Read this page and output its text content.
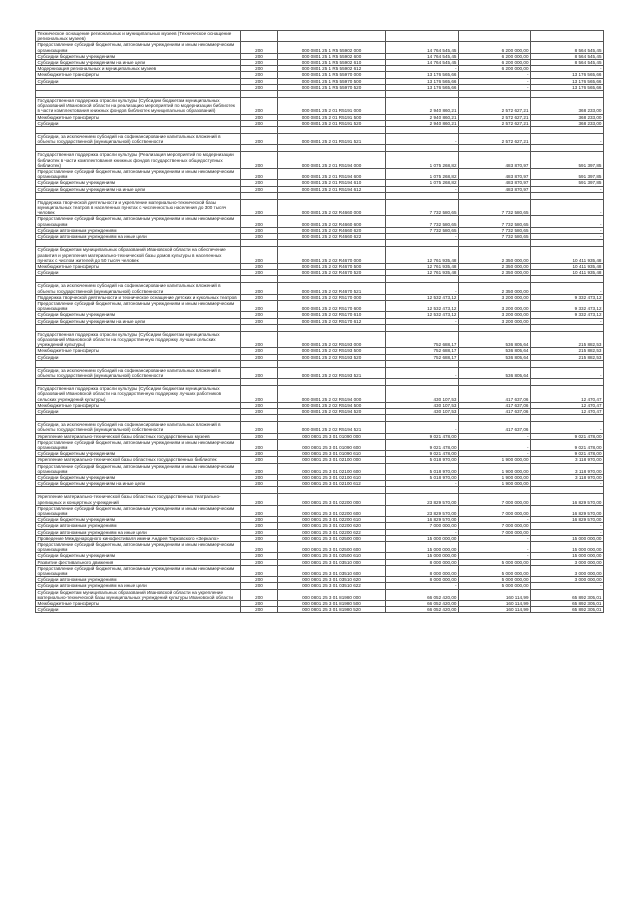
Техническое оснащение региональных и муниципальных музеев (Техническое оснащение региональных музеев)					
Предоставление субсидий бюджетным, автономным учреждениям и иным некоммерческим организациям	200	000 0801 25 1 R5 55902 000	14 764 545,45	6 200 000,00	8 564 545,45
Субсидии бюджетным учреждениям	200	000 0801 25 1 R5 55902 600	14 764 545,45	6 200 000,00	8 564 545,45
Субсидии бюджетным учреждениям на иные цели	200	000 0801 25 1 R5 55902 610	14 764 545,45	6 200 000,00	8 564 545,45
Модернизация региональных и муниципальных музеев	200	000 0801 25 1 R5 55902 612	-	6 200 000,00	-
Межбюджетные трансферты	200	000 0801 25 1 R5 55970 000	13 176 565,66	-	13 176 565,66
Субсидии	200	000 0801 25 1 R5 55970 500	13 176 565,66	-	13 176 565,66
	200	000 0801 25 1 R5 55970 520	13 176 565,66	-	13 176 565,66

Государственная поддержка отрасли культуры (Субсидии бюджетам муниципальных образований Ивановской области на реализацию мероприятий по модернизации библиотек в части комплектования книжных фондов библиотек муниципальных образований)	200	000 0801 25 2 01 R5191 000	2 940 860,21	2 572 627,21	368 233,00
Межбюджетные трансферты	200	000 0801 25 2 01 R5191 500	2 940 860,21	2 572 627,21	368 233,00
Субсидии	200	000 0801 25 2 01 R5191 520	2 940 860,21	2 572 627,21	368 233,00

Субсидии, за исключением субсидий на софинансирование капитальных вложений в объекты государственной (муниципальной) собственности	200	000 0801 25 2 01 R5191 521	-	2 572 627,21	-

Государственная поддержка отрасли культуры (Реализация мероприятий по модернизации библиотек в части комплектования книжных фондов государственных общедоступных библиотек)	200	000 0801 25 2 01 R5194 000	1 075 268,82	483 870,97	591 397,85
Предоставление субсидий бюджетным, автономным учреждениям и иным некоммерческим организациям	200	000 0801 25 2 01 R5194 600	1 075 268,82	483 870,97	591 397,85
Субсидии бюджетным учреждениям	200	000 0801 25 2 01 R5194 610	1 075 268,82	483 870,97	591 397,85
Субсидии бюджетным учреждениям на иные цели	200	000 0801 25 2 01 R5194 612	-	483 870,97	-

Поддержка творческой деятельности и укрепление материально-технической базы муниципальных театров в населенных пунктах с численностью населения до 300 тысяч человек	200	000 0801 25 2 02 R4660 000	7 732 580,65	7 732 580,65	-
Предоставление субсидий бюджетным, автономным учреждениям и иным некоммерческим организациям	200	000 0801 25 2 02 R4660 600	7 732 580,65	7 732 580,65	-
Субсидии автономным учреждениям	200	000 0801 25 2 02 R4660 620	7 732 580,65	7 732 580,65	-
Субсидии автономным учреждениям на иные цели	200	000 0801 25 2 02 R4660 622	-	7 732 580,65	-

Субсидии бюджетам муниципальных образований Ивановской области на обеспечение развития и укрепления материально-технической базы домов культуры в населенных пунктах с числом жителей до 50 тысяч человек	200	000 0801 25 2 02 R4670 000	12 761 935,48	2 350 000,00	10 411 935,48
Межбюджетные трансферты	200	000 0801 25 2 02 R4670 500	12 761 935,48	2 350 000,00	10 411 935,48
Субсидии	200	000 0801 25 2 02 R4670 520	12 761 935,48	2 350 000,00	10 411 935,48

Субсидии, за исключением субсидий на софинансирование капитальных вложений в объекты государственной (муниципальной) собственности	200	000 0801 25 2 02 R4670 521	-	2 350 000,00	-
Поддержка творческой деятельности и техническое оснащение детских и кукольных театров	200	000 0801 25 2 02 R5170 000	12 532 473,12	3 200 000,00	9 332 473,12
Предоставление субсидий бюджетным, автономным учреждениям и иным некоммерческим организациям	200	000 0801 25 2 02 R5170 600	12 532 473,12	3 200 000,00	9 332 473,12
Субсидии бюджетным учреждениям	200	000 0801 25 2 02 R5170 610	12 532 473,12	3 200 000,00	9 332 473,12
Субсидии бюджетным учреждениям на иные цели	200	000 0801 25 2 02 R5170 612	-	3 200 000,00	-

Государственная поддержка отрасли культуры (Субсидии бюджетам муниципальных образований Ивановской области на государственную поддержку лучших сельских учреждений культуры)	200	000 0801 25 2 02 R5193 000	752 688,17	536 805,64	215 882,53
Межбюджетные трансферты	200	000 0801 25 2 02 R5193 500	752 688,17	536 805,64	215 882,53
Субсидии	200	000 0801 25 2 02 R5193 520	752 688,17	536 805,64	215 882,53

Субсидии, за исключением субсидий на софинансирование капитальных вложений в объекты государственной (муниципальной) собственности	200	000 0801 25 2 02 R5193 521	-	536 805,64	-

Государственная поддержка отрасли культуры (Субсидии бюджетам муниципальных образований Ивановской области на государственную поддержку лучших работников сельских учреждений культуры)	200	000 0801 25 2 02 R5194 000	430 107,53	417 637,06	12 470,47
Межбюджетные трансферты	200	000 0801 25 2 02 R5194 500	430 107,53	417 637,06	12 470,47
Субсидии	200	000 0801 25 2 02 R5194 520	430 107,53	417 637,06	12 470,47

Субсидии, за исключением субсидий на софинансирование капитальных вложений в объекты государственной (муниципальной) собственности	200	000 0801 25 2 02 R5194 521	-	417 637,06	-
Укрепление материально-технической базы областных государственных музеев	200	000 0801 25 3 01 01090 000	9 021 478,00	-	9 021 478,00
Предоставление субсидий бюджетным, автономным учреждениям и иным некоммерческим организациям	200	000 0801 25 3 01 01090 600	9 021 478,00	-	9 021 478,00
Субсидии бюджетным учреждениям	200	000 0801 25 3 01 01090 610	9 021 478,00	-	9 021 478,00
Укрепление материально-технической базы областных государственных библиотек	200	000 0801 25 3 01 02100 000	5 018 970,00	1 900 000,00	3 118 970,00
Предоставление субсидий бюджетным, автономным учреждениям и иным некоммерческим организациям	200	000 0801 25 3 01 02100 600	5 018 970,00	1 900 000,00	3 118 970,00
Субсидии бюджетным учреждениям	200	000 0801 25 3 01 02100 610	5 018 970,00	1 900 000,00	3 118 970,00
Субсидии бюджетным учреждениям на иные цели	200	000 0801 25 3 01 02100 612	-	1 900 000,00	-

Укрепление материально-технической базы областных государственных театрально-зрелищных и концертных учреждений	200	000 0801 25 3 01 02200 000	23 829 570,00	7 000 000,00	16 829 570,00
Предоставление субсидий бюджетным, автономным учреждениям и иным некоммерческим организациям	200	000 0801 25 3 01 02200 600	23 829 570,00	7 000 000,00	16 829 570,00
Субсидии бюджетным учреждениям	200	000 0801 25 3 01 02200 610	16 829 570,00	-	16 829 570,00
Субсидии автономным учреждениям	200	000 0801 25 3 01 02200 620	7 000 000,00	7 000 000,00	-
Субсидии автономным учреждениям на иные цели	200	000 0801 25 3 01 02200 622	-	7 000 000,00	-
Проведение Международного кинофестиваля имени Андрея Тарковского «Зеркало»	200	000 0801 25 3 01 02500 000	15 000 000,00	-	15 000 000,00
Предоставление субсидий бюджетным, автономным учреждениям и иным некоммерческим организациям	200	000 0801 25 3 01 02500 600	15 000 000,00	-	15 000 000,00
Субсидии бюджетным учреждениям	200	000 0801 25 3 01 02500 610	15 000 000,00	-	15 000 000,00
Развитие фестивального движения	200	000 0801 25 3 01 03510 000	8 000 000,00	5 000 000,00	3 000 000,00
Предоставление субсидий бюджетным, автономным учреждениям и иным некоммерческим организациям	200	000 0801 25 3 01 03510 600	8 000 000,00	5 000 000,00	3 000 000,00
Субсидии автономным учреждениям	200	000 0801 25 3 01 03510 620	8 000 000,00	5 000 000,00	3 000 000,00
Субсидии автономным учреждениям на иные цели	200	000 0801 25 3 01 03510 622	-	5 000 000,00	-
Субсидии бюджетам муниципальных образований Ивановской области на укрепление материально-технической базы муниципальных учреждений культуры Ивановской области	200	000 0801 25 3 01 81980 000	66 052 420,00	160 114,99	65 892 305,01
Межбюджетные трансферты	200	000 0801 25 3 01 81980 500	66 052 420,00	160 114,99	65 892 305,01
Субсидии	200	000 0801 25 3 01 81980 520	66 052 420,00	160 114,99	65 892 305,01
